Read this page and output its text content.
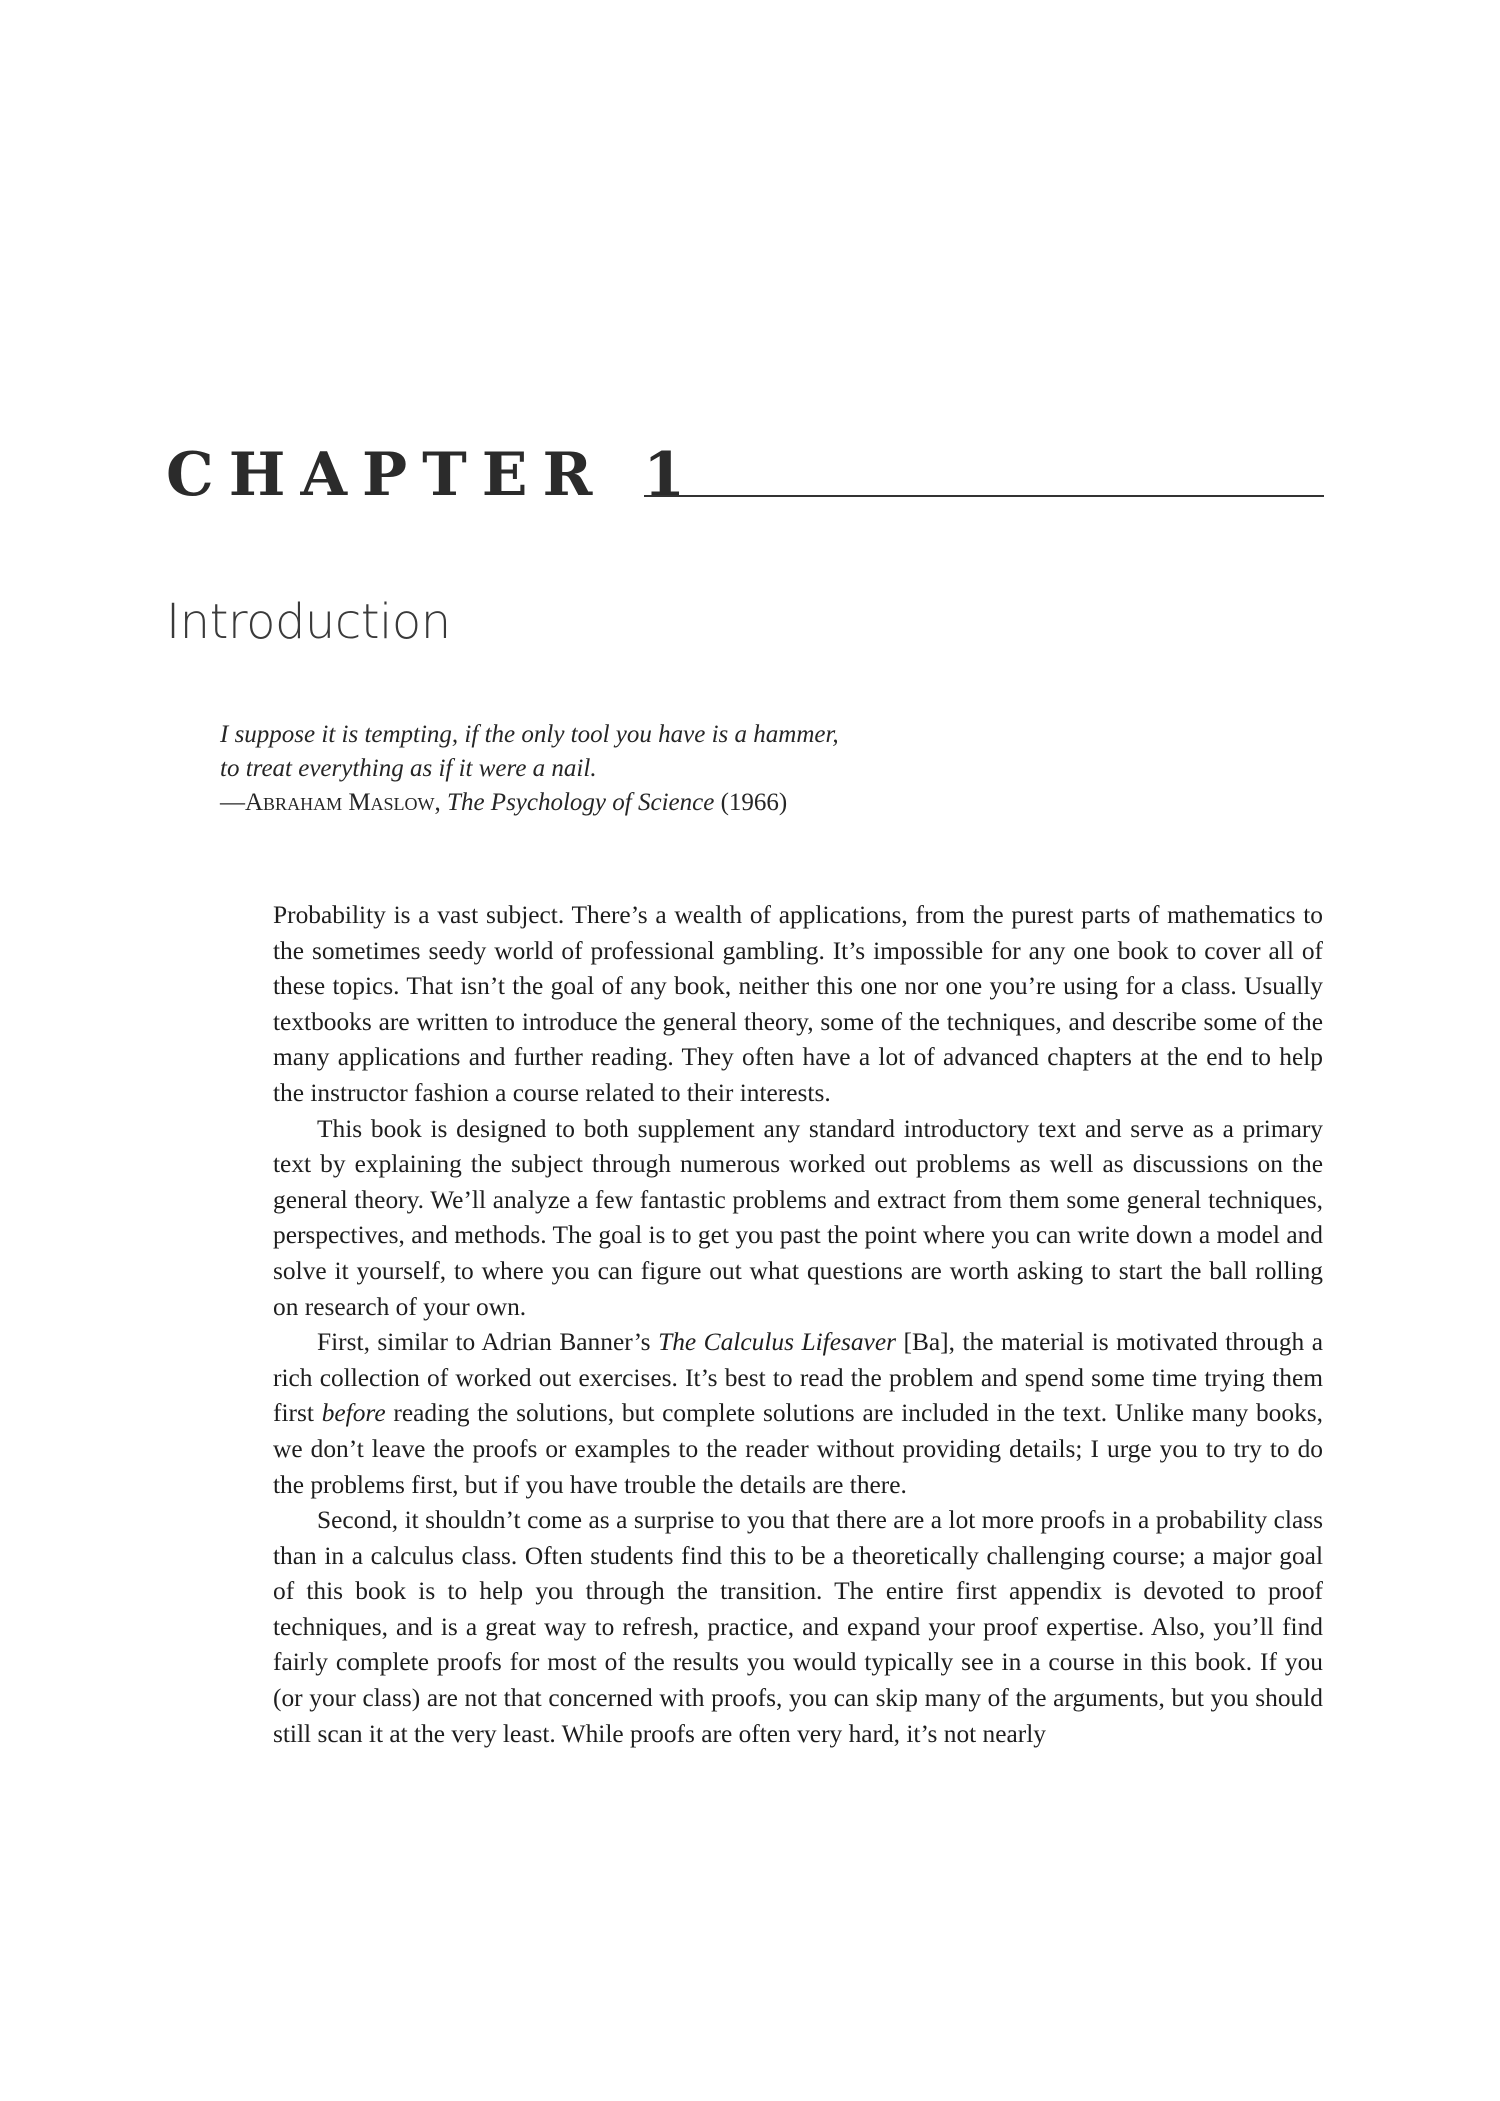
CHAPTER 1
Introduction
I suppose it is tempting, if the only tool you have is a hammer,
to treat everything as if it were a nail.
—Abraham Maslow, The Psychology of Science (1966)

Probability is a vast subject. There’s a wealth of applications, from the purest parts of mathematics to the sometimes seedy world of professional gambling. It’s impossible for any one book to cover all of these topics. That isn’t the goal of any book, neither this one nor one you’re using for a class. Usually textbooks are written to introduce the general theory, some of the techniques, and describe some of the many applications and further reading. They often have a lot of advanced chapters at the end to help the instructor fashion a course related to their interests.

This book is designed to both supplement any standard introductory text and serve as a primary text by explaining the subject through numerous worked out problems as well as discussions on the general theory. We’ll analyze a few fantastic problems and extract from them some general techniques, perspectives, and methods. The goal is to get you past the point where you can write down a model and solve it yourself, to where you can figure out what questions are worth asking to start the ball rolling on research of your own.

First, similar to Adrian Banner’s The Calculus Lifesaver [Ba], the material is motivated through a rich collection of worked out exercises. It’s best to read the problem and spend some time trying them first before reading the solutions, but complete solutions are included in the text. Unlike many books, we don’t leave the proofs or examples to the reader without providing details; I urge you to try to do the problems first, but if you have trouble the details are there.

Second, it shouldn’t come as a surprise to you that there are a lot more proofs in a probability class than in a calculus class. Often students find this to be a theoretically challenging course; a major goal of this book is to help you through the transition. The entire first appendix is devoted to proof techniques, and is a great way to refresh, practice, and expand your proof expertise. Also, you’ll find fairly complete proofs for most of the results you would typically see in a course in this book. If you (or your class) are not that concerned with proofs, you can skip many of the arguments, but you should still scan it at the very least. While proofs are often very hard, it’s not nearly
